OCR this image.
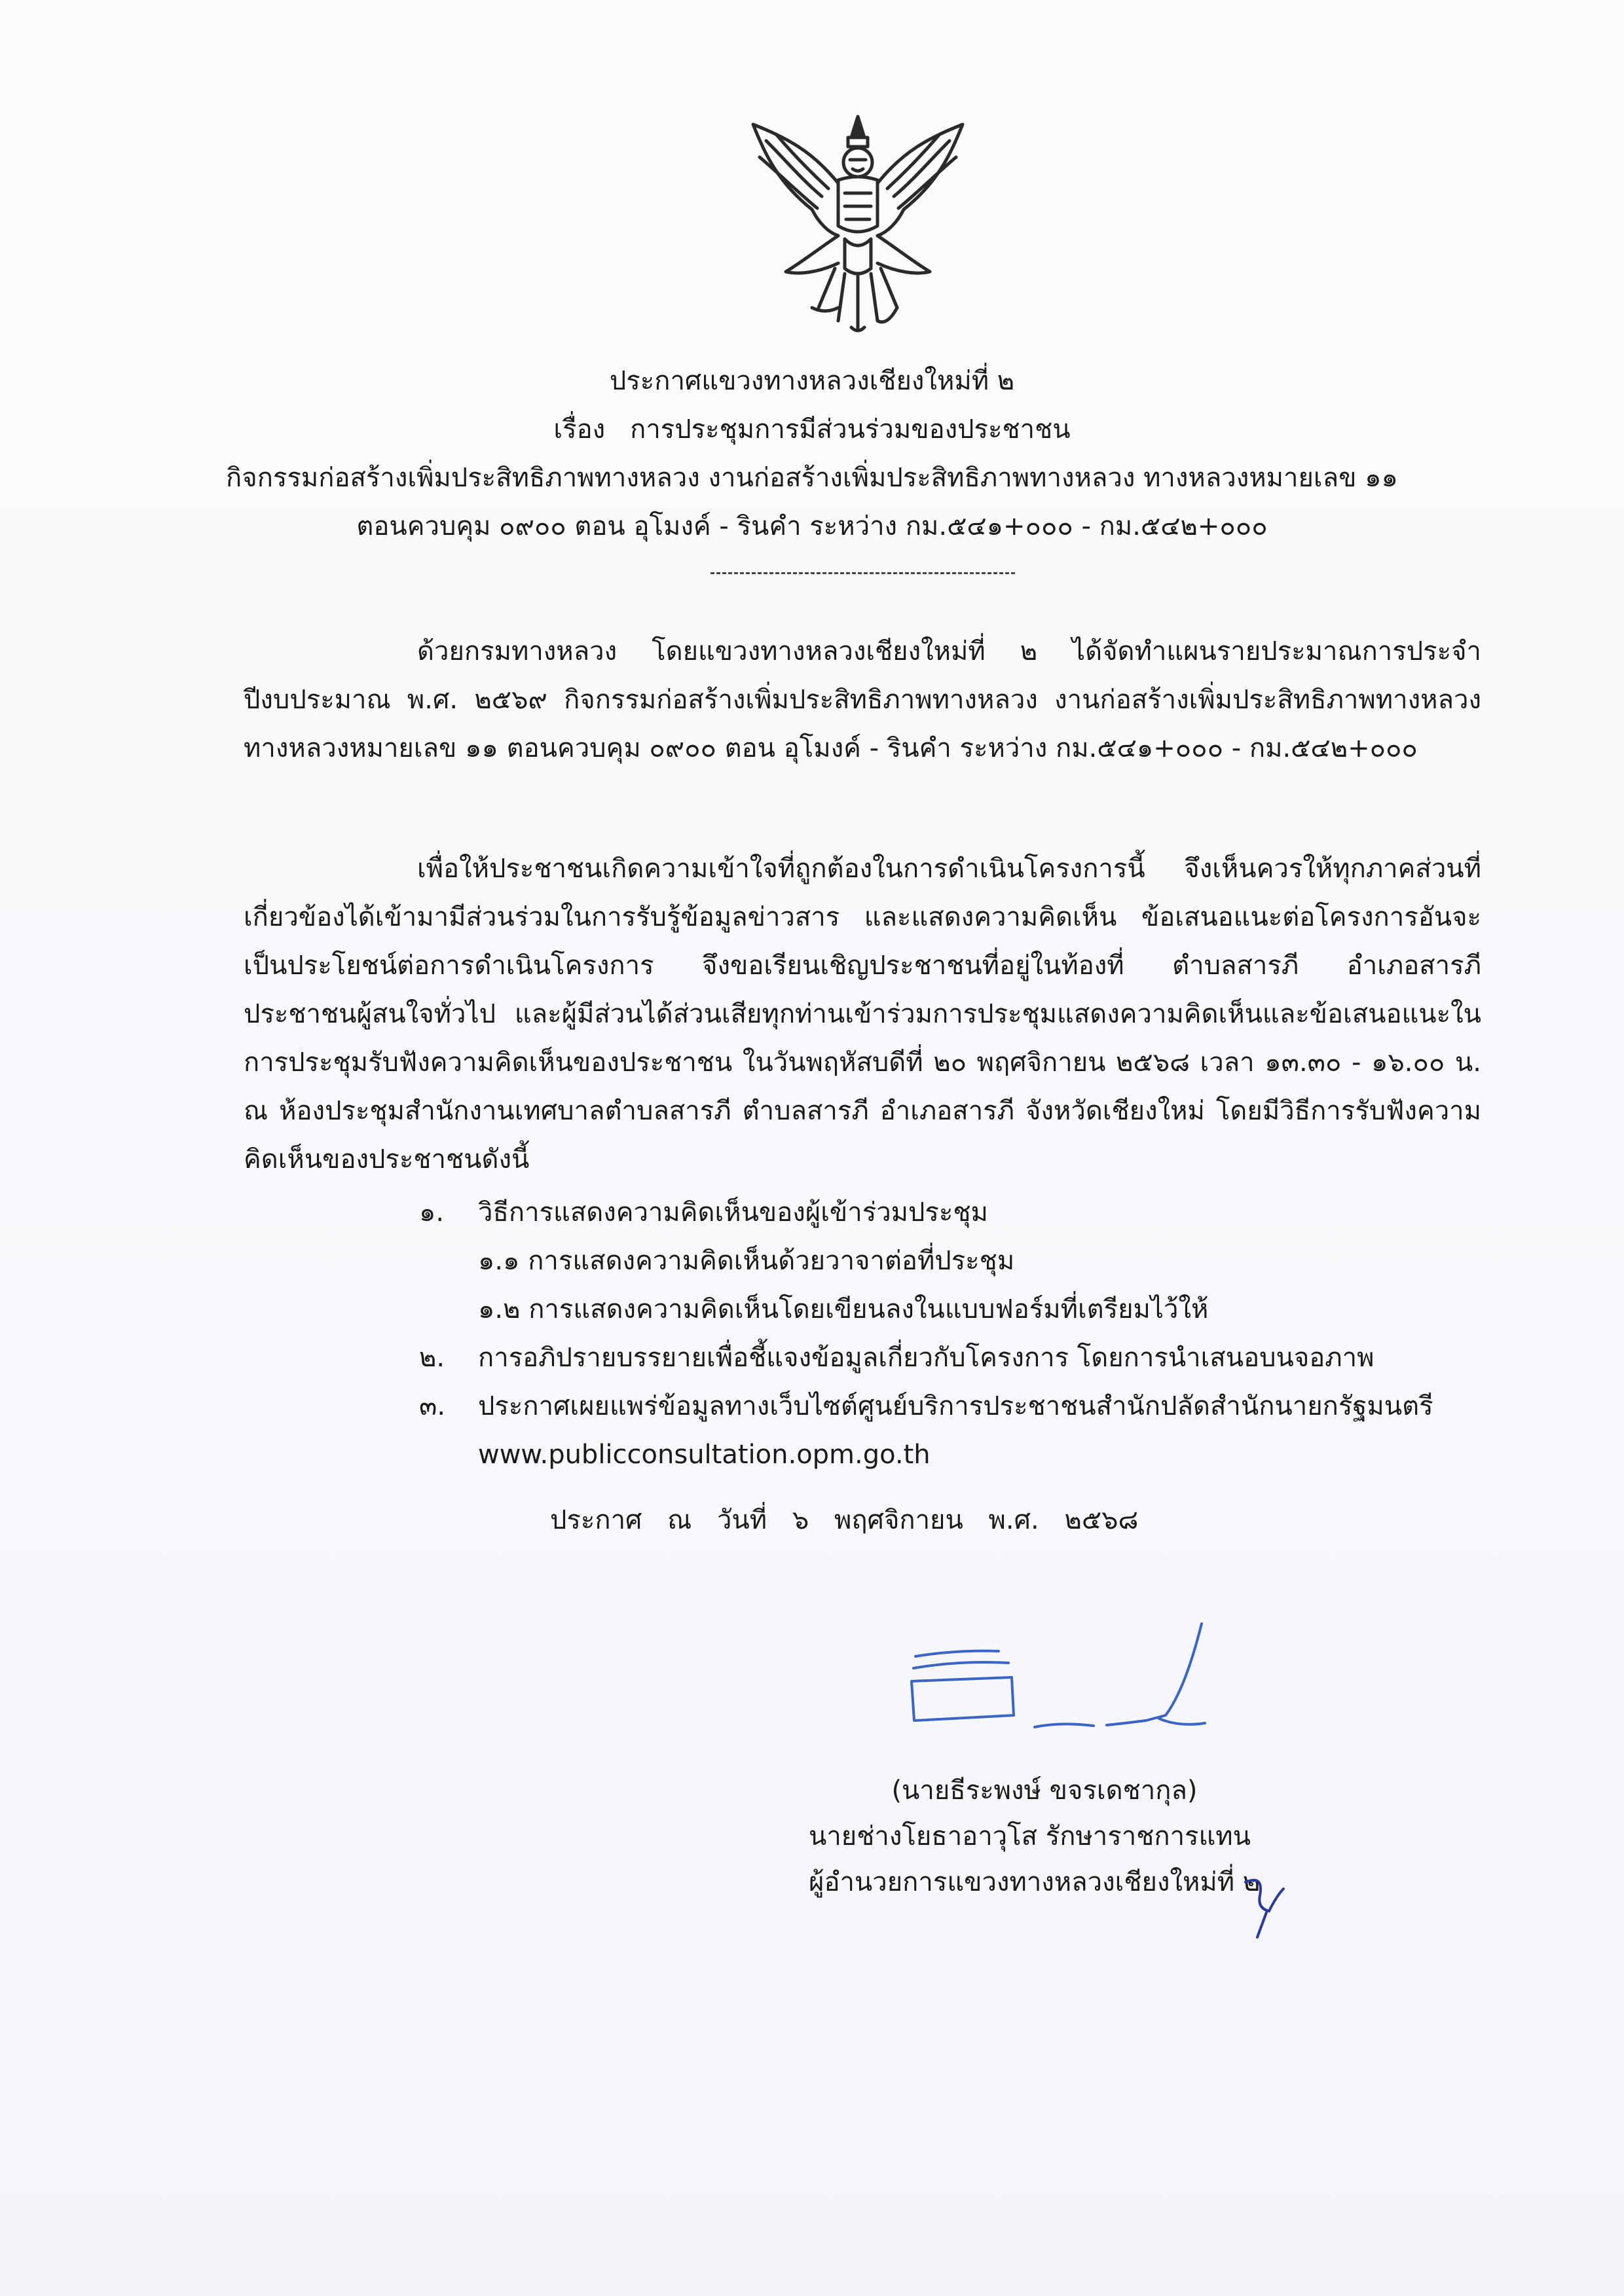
ประกาศแขวงทางหลวงเชียงใหม่ที่ ๒
เรื่อง การประชุมการมีส่วนร่วมของประชาชน
กิจกรรมก่อสร้างเพิ่มประสิทธิภาพทางหลวง งานก่อสร้างเพิ่มประสิทธิภาพทางหลวง ทางหลวงหมายเลข ๑๑
ตอนควบคุม ๐๙๐๐ ตอน อุโมงค์ - รินคำ ระหว่าง กม.๕๔๑+๐๐๐ - กม.๕๔๒+๐๐๐
ด้วยกรมทางหลวง โดยแขวงทางหลวงเชียงใหม่ที่ ๒ ได้จัดทำแผนรายประมาณการประจำปีงบประมาณ พ.ศ. ๒๕๖๙ กิจกรรมก่อสร้างเพิ่มประสิทธิภาพทางหลวง งานก่อสร้างเพิ่มประสิทธิภาพทางหลวง ทางหลวงหมายเลข ๑๑ ตอนควบคุม ๐๙๐๐ ตอน อุโมงค์ - รินคำ ระหว่าง กม.๕๔๑+๐๐๐ - กม.๕๔๒+๐๐๐
เพื่อให้ประชาชนเกิดความเข้าใจที่ถูกต้องในการดำเนินโครงการนี้ จึงเห็นควรให้ทุกภาคส่วนที่เกี่ยวข้องได้เข้ามามีส่วนร่วมในการรับรู้ข้อมูลข่าวสาร และแสดงความคิดเห็น ข้อเสนอแนะต่อโครงการอันจะเป็นประโยชน์ต่อการดำเนินโครงการ จึงขอเรียนเชิญประชาชนที่อยู่ในท้องที่ ตำบลสารภี อำเภอสารภี ประชาชนผู้สนใจทั่วไป และผู้มีส่วนได้ส่วนเสียทุกท่านเข้าร่วมการประชุมแสดงความคิดเห็นและข้อเสนอแนะในการประชุมรับฟังความคิดเห็นของประชาชน ในวันพฤหัสบดีที่ ๒๐ พฤศจิกายน ๒๕๖๘ เวลา ๑๓.๓๐ - ๑๖.๐๐ น. ณ ห้องประชุมสำนักงานเทศบาลตำบลสารภี ตำบลสารภี อำเภอสารภี จังหวัดเชียงใหม่ โดยมีวิธีการรับฟังความคิดเห็นของประชาชนดังนี้
๑. วิธีการแสดงความคิดเห็นของผู้เข้าร่วมประชุม
๑.๑ การแสดงความคิดเห็นด้วยวาจาต่อที่ประชุม
๑.๒ การแสดงความคิดเห็นโดยเขียนลงในแบบฟอร์มที่เตรียมไว้ให้
๒. การอภิปรายบรรยายเพื่อชี้แจงข้อมูลเกี่ยวกับโครงการ โดยการนำเสนอบนจอภาพ
๓. ประกาศเผยแพร่ข้อมูลทางเว็บไซต์ศูนย์บริการประชาชนสำนักปลัดสำนักนายกรัฐมนตรี
www.publicconsultation.opm.go.th
ประกาศ ณ วันที่ ๖ พฤศจิกายน พ.ศ. ๒๕๖๘
(นายธีระพงษ์ ขจรเดชากุล)
นายช่างโยธาอาวุโส รักษาราชการแทน
ผู้อำนวยการแขวงทางหลวงเชียงใหม่ที่ ๒
